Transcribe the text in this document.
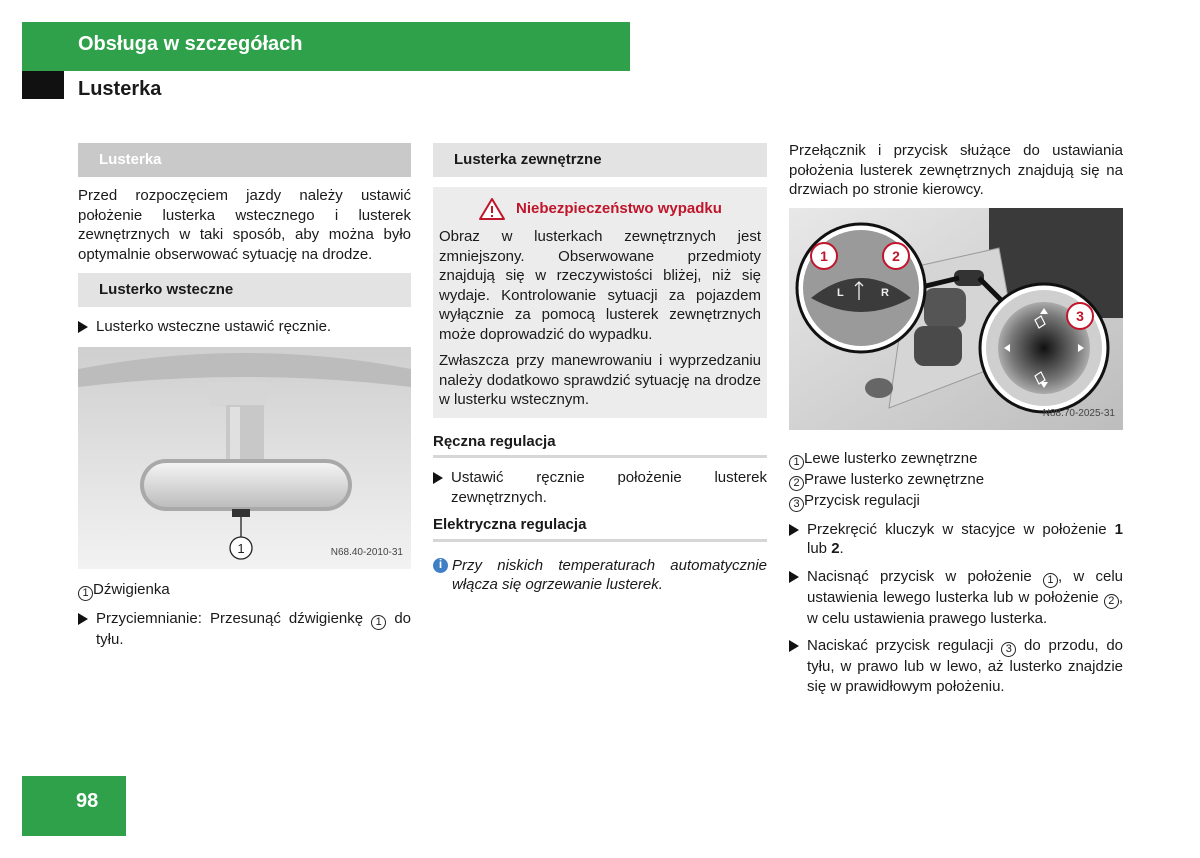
Obsługa w szczegółach
Lusterka
Lusterka

Przed rozpoczęciem jazdy należy ustawić położenie lusterka wstecznego i lusterek zewnętrznych w taki sposób, aby można było optymalnie obserwować sytuację na drodze.

Lusterko wsteczne
Lusterko wsteczne ustawić ręcznie.
1	N68.40-2010-31
1 Dźwigienka
Przyciemnianie: Przesunąć dźwigienkę 1 do tyłu.
Lusterka zewnętrzne
Niebezpieczeństwo wypadku

Obraz w lusterkach zewnętrznych jest zmniejszony. Obserwowane przedmioty znajdują się w rzeczywistości bliżej, niż się wydaje. Kontrolowanie sytuacji za pojazdem wyłącznie za pomocą lusterek zewnętrznych może doprowadzić do wypadku.

Zwłaszcza przy manewrowaniu i wyprzedzaniu należy dodatkowo sprawdzić sytuację na drodze w lusterku wstecznym.

Ręczna regulacja
Ustawić ręcznie położenie lusterek zewnętrznych.
Elektryczna regulacja
i Przy niskich temperaturach automatycznie włącza się ogrzewanie lusterek.

Przełącznik i przycisk służące do ustawiania położenia lusterek zewnętrznych znajdują się na drzwiach po stronie kierowcy.

1	2
L	R
3
N88.70-2025-31
1 Lewe lusterko zewnętrzne
2 Prawe lusterko zewnętrzne
3 Przycisk regulacji
Przekręcić kluczyk w stacyjce w położenie 1 lub 2.
Nacisnąć przycisk w położenie 1 , w celu ustawienia lewego lusterka lub w położenie 2 , w celu ustawienia prawego lusterka.
Naciskać przycisk regulacji 3 do przodu, do tyłu, w prawo lub w lewo, aż lusterko znajdzie się w prawidłowym położeniu.
98
